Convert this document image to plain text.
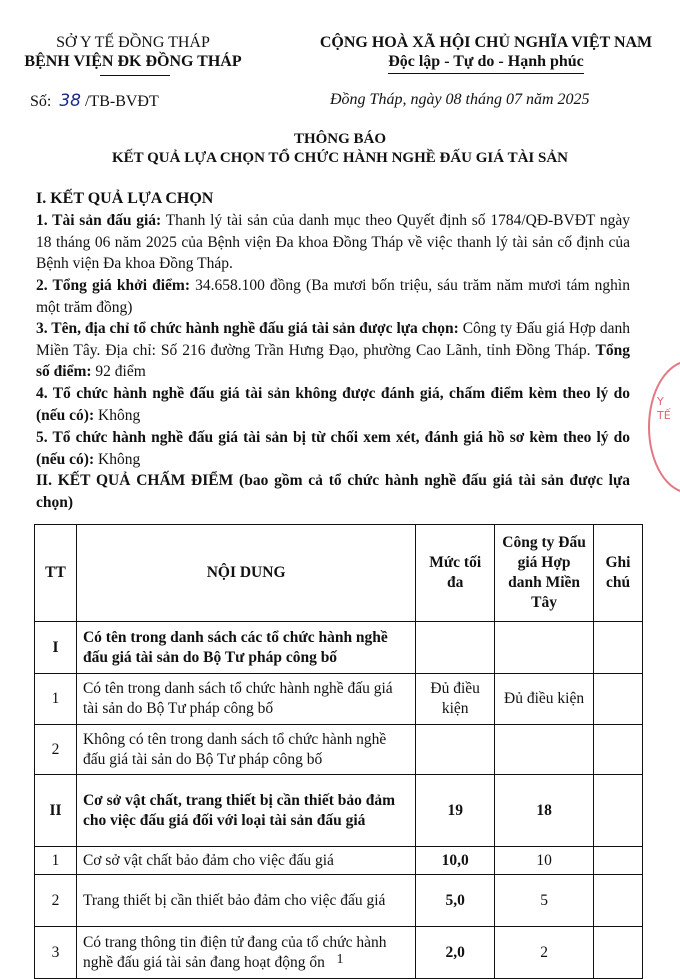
SỞ Y TẾ ĐỒNG THÁP
BỆNH VIỆN ĐK ĐỒNG THÁP
CỘNG HOÀ XÃ HỘI CHỦ NGHĨA VIỆT NAM
Độc lập - Tự do - Hạnh phúc
Số: 38 /TB-BVĐT	Đồng Tháp, ngày 08 tháng 07 năm 2025
THÔNG BÁO
KẾT QUẢ LỰA CHỌN TỔ CHỨC HÀNH NGHỀ ĐẤU GIÁ TÀI SẢN
I. KẾT QUẢ LỰA CHỌN
1. Tài sản đấu giá: Thanh lý tài sản của danh mục theo Quyết định số 1784/QĐ-BVĐT ngày 18 tháng 06 năm 2025 của Bệnh viện Đa khoa Đồng Tháp về việc thanh lý tài sản cố định của Bệnh viện Đa khoa Đồng Tháp.
2. Tổng giá khởi điểm: 34.658.100 đồng (Ba mươi bốn triệu, sáu trăm năm mươi tám nghìn một trăm đồng)
3. Tên, địa chỉ tổ chức hành nghề đấu giá tài sản được lựa chọn: Công ty Đấu giá Hợp danh Miền Tây. Địa chỉ: Số 216 đường Trần Hưng Đạo, phường Cao Lãnh, tỉnh Đồng Tháp. Tổng số điểm: 92 điểm
4. Tổ chức hành nghề đấu giá tài sản không được đánh giá, chấm điểm kèm theo lý do (nếu có): Không
5. Tổ chức hành nghề đấu giá tài sản bị từ chối xem xét, đánh giá hồ sơ kèm theo lý do (nếu có): Không
II. KẾT QUẢ CHẤM ĐIỂM (bao gồm cả tổ chức hành nghề đấu giá tài sản được lựa chọn)
TT	NỘI DUNG	Mức tối đa	Công ty Đấu giá Hợp danh Miền Tây	Ghi chú
I	Có tên trong danh sách các tổ chức hành nghề đấu giá tài sản do Bộ Tư pháp công bố			
1	Có tên trong danh sách tổ chức hành nghề đấu giá tài sản do Bộ Tư pháp công bố	Đủ điều kiện	Đủ điều kiện	
2	Không có tên trong danh sách tổ chức hành nghề đấu giá tài sản do Bộ Tư pháp công bố			
II	Cơ sở vật chất, trang thiết bị cần thiết bảo đảm cho việc đấu giá đối với loại tài sản đấu giá	19	18	
1	Cơ sở vật chất bảo đảm cho việc đấu giá	10,0	10	
2	Trang thiết bị cần thiết bảo đảm cho việc đấu giá	5,0	5	
3	Có trang thông tin điện tử đang của tổ chức hành nghề đấu giá tài sản đang hoạt động ổn	2,0	2	
1
Y TẾ
